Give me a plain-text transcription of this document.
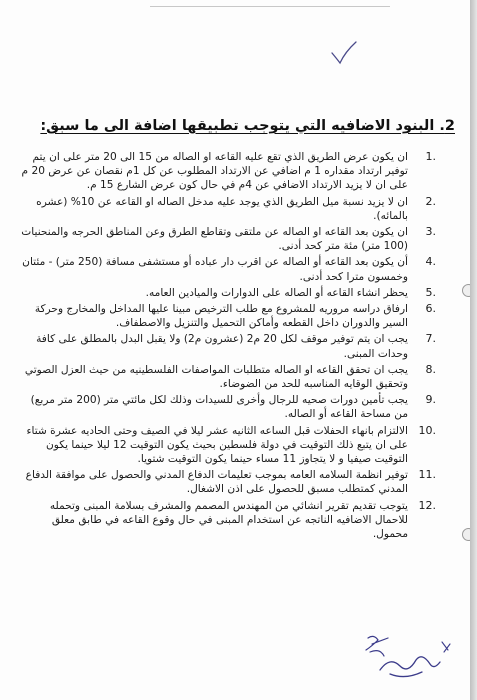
2. البنود الاضافيه التي يتوجب تطبيقها اضافة الى ما سبق:
1.
ان يكون عرض الطريق الذي تقع عليه القاعه او الصاله من 15 الى 20 متر على ان يتم توفير ارتداد مقداره 1 م اضافي عن الارتداد المطلوب عن كل 1م نقصان عن عرض 20 م على ان لا يزيد الارتداد الاضافي عن 4م في حال كون عرض الشارع 15 م.
2.
ان لا يزيد نسبة ميل الطريق الذي يوجد عليه مدخل الصاله او القاعه عن 10% (عشره بالمائه).
3.
ان يكون بعد القاعه او الصاله عن ملتقى وتقاطع الطرق وعن المناطق الحرجه والمنحنيات (100 متر) مئة متر كحد أدنى.
4.
أن يكون بعد القاعه أو الصاله عن اقرب دار عباده أو مستشفى مسافة (250 متر) - مئتان وخمسون مترا كحد أدنى.
5.
يحظر انشاء القاعه أو الصاله على الدوارات والميادين العامه.
6.
ارفاق دراسه مروريه للمشروع مع طلب الترخيص مبينا عليها المداخل والمخارج وحركة السير والدوران داخل القطعه وأماكن التحميل والتنزيل والاصطفاف.
7.
يجب ان يتم توفير موقف لكل 20 م2 (عشرون م2) ولا يقبل البدل بالمطلق على كافة وحدات المبنى.
8.
يجب ان تحقق القاعه او الصاله متطلبات المواصفات الفلسطينيه من حيث العزل الصوتي وتحقيق الوقايه المناسبه للحد من الضوضاء.
9.
يجب تأمين دورات صحيه للرجال وأخرى للسيدات وذلك لكل مائتي متر (200 متر مربع) من مساحة القاعه أو الصاله.
10.
الالتزام بانهاء الحفلات قبل الساعه الثانيه عشر ليلا في الصيف وحتى الحاديه عشرة شتاء على ان يتبع ذلك التوقيت في دولة فلسطين بحيث يكون التوقيت 12 ليلا حينما يكون التوقيت صيفيا و لا يتجاوز 11 مساء حينما يكون التوقيت شتويا.
11.
توفير انظمة السلامه العامه بموجب تعليمات الدفاع المدني والحصول على موافقة الدفاع المدني كمتطلب مسبق للحصول على اذن الاشغال.
12.
يتوجب تقديم تقرير انشائي من المهندس المصمم والمشرف بسلامة المبنى وتحمله للاحمال الاضافيه الناتجه عن استخدام المبنى في حال وقوع القاعه في طابق معلق محمول.
